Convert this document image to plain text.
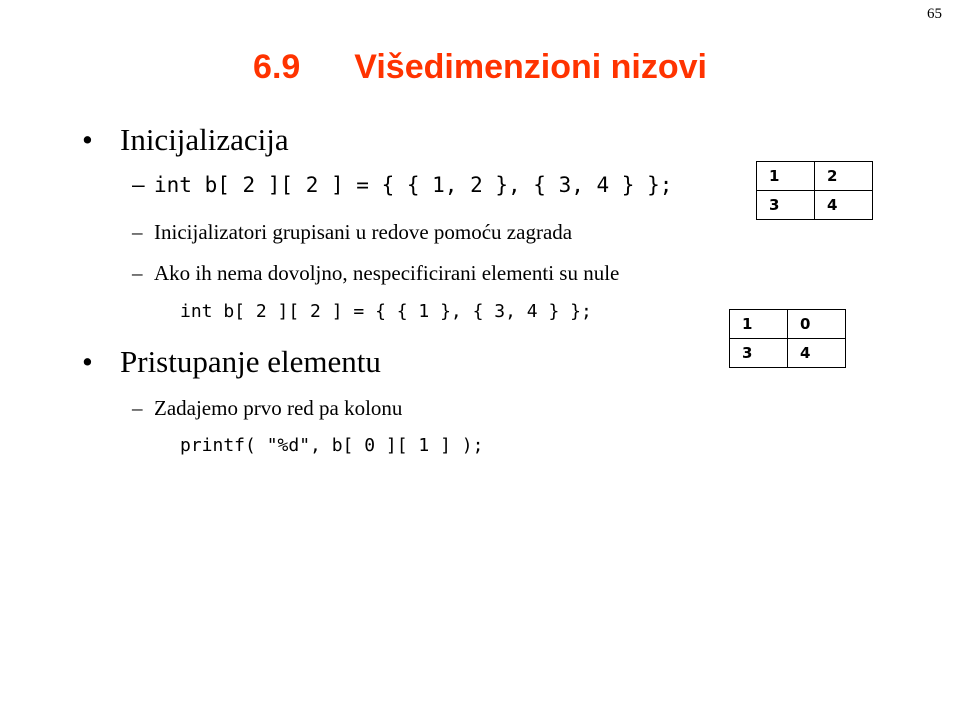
65
6.9 Višedimenzioni nizovi
• Inicijalizacija
– int b[ 2 ][ 2 ] = { { 1, 2 }, { 3, 4 } };
– Inicijalizatori grupisani u redove pomoću zagrada
– Ako ih nema dovoljno, nespecificirani elementi su nule
int b[ 2 ][ 2 ] = { { 1 }, { 3, 4 } };
• Pristupanje elementu
– Zadajemo prvo red pa kolonu
printf( "%d", b[ 0 ][ 1 ] );
1	2
3	4
1	0
3	4
